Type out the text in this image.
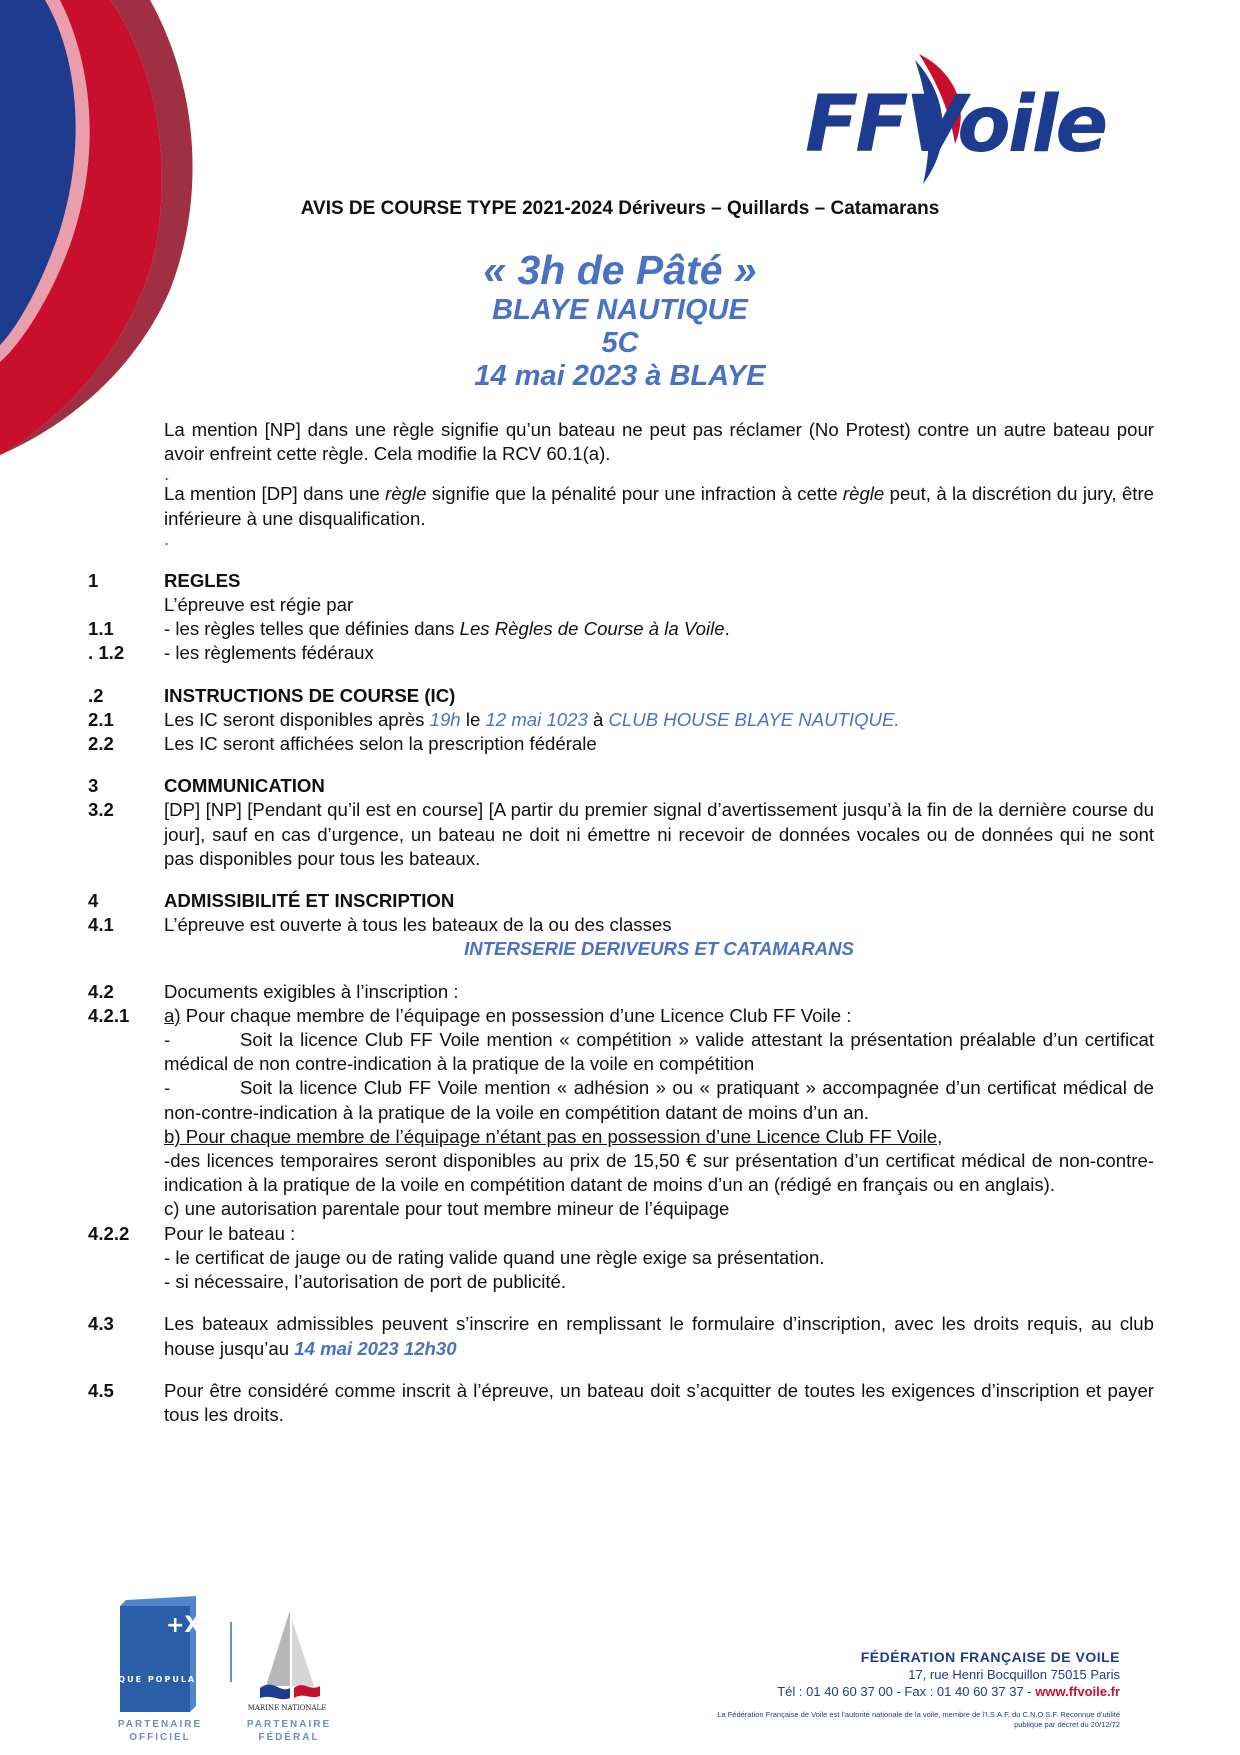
FFVoile
AVIS DE COURSE TYPE 2021-2024 Dériveurs – Quillards – Catamarans
« 3h de Pâté »
BLAYE NAUTIQUE
5C
14 mai 2023 à BLAYE
La mention [NP] dans une règle signifie qu’un bateau ne peut pas réclamer (No Protest) contre un autre bateau pour avoir enfreint cette règle. Cela modifie la RCV 60.1(a).
.
La mention [DP] dans une règle signifie que la pénalité pour une infraction à cette règle peut, à la discrétion du jury, être inférieure à une disqualification.
.
1	REGLES
L’épreuve est régie par
1.1	- les règles telles que définies dans Les Règles de Course à la Voile.
. 1.2	- les règlements fédéraux
.2	INSTRUCTIONS DE COURSE (IC)
2.1	Les IC seront disponibles après 19h le 12 mai 1023 à CLUB HOUSE BLAYE NAUTIQUE.
2.2	Les IC seront affichées selon la prescription fédérale
3	COMMUNICATION
3.2	[DP] [NP] [Pendant qu’il est en course] [A partir du premier signal d’avertissement jusqu’à la fin de la dernière course du jour], sauf en cas d’urgence, un bateau ne doit ni émettre ni recevoir de données vocales ou de données qui ne sont pas disponibles pour tous les bateaux.
4	ADMISSIBILITÉ ET INSCRIPTION
4.1	L’épreuve est ouverte à tous les bateaux de la ou des classes
INTERSERIE DERIVEURS ET CATAMARANS
4.2	Documents exigibles à l’inscription :
4.2.1	a) Pour chaque membre de l’équipage en possession d’une Licence Club FF Voile :
-	Soit la licence Club FF Voile mention « compétition » valide attestant la présentation préalable d’un certificat médical de non contre-indication à la pratique de la voile en compétition
-	Soit la licence Club FF Voile mention « adhésion » ou « pratiquant » accompagnée d’un certificat médical de non-contre-indication à la pratique de la voile en compétition datant de moins d’un an.
b) Pour chaque membre de l’équipage n’étant pas en possession d’une Licence Club FF Voile,
-des licences temporaires seront disponibles au prix de 15,50 € sur présentation d’un certificat médical de non-contre-indication à la pratique de la voile en compétition datant de moins d’un an (rédigé en français ou en anglais).
c) une autorisation parentale pour tout membre mineur de l’équipage
4.2.2	Pour le bateau :
- le certificat de jauge ou de rating valide quand une règle exige sa présentation.
- si nécessaire, l’autorisation de port de publicité.
4.3	Les bateaux admissibles peuvent s’inscrire en remplissant le formulaire d’inscription, avec les droits requis, au club house jusqu’au 14 mai 2023 12h30
4.5	Pour être considéré comme inscrit à l’épreuve, un bateau doit s’acquitter de toutes les exigences d’inscription et payer tous les droits.
+X
BANQUE POPULAIRE
PARTENAIRE OFFICIEL
MARINE NATIONALE
PARTENAIRE FÉDÉRAL
FÉDÉRATION FRANÇAISE DE VOILE
17, rue Henri Bocquillon 75015 Paris
Tél : 01 40 60 37 00 - Fax : 01 40 60 37 37 - www.ffvoile.fr
La Fédération Française de Voile est l’autorité nationale de la voile, membre de l’I.S.A.F, du C.N.O.S.F. Reconnue d’utilité publique par décret du 20/12/72
